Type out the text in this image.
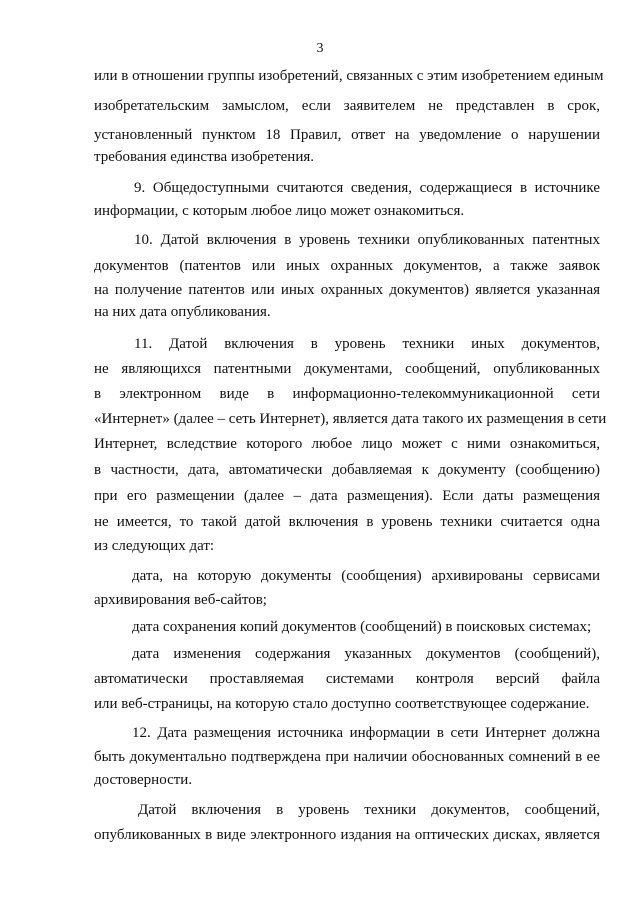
3
или в отношении группы изобретений, связанных с этим изобретением единым
изобретательским замыслом, если заявителем не представлен в срок,
установленный пунктом 18 Правил, ответ на уведомление о нарушении
требования единства изобретения.
9. Общедоступными считаются сведения, содержащиеся в источнике
информации, с которым любое лицо может ознакомиться.
10. Датой включения в уровень техники опубликованных патентных
документов (патентов или иных охранных документов, а также заявок
на получение патентов или иных охранных документов) является указанная
на них дата опубликования.
11. Датой включения в уровень техники иных документов,
не являющихся патентными документами, сообщений, опубликованных
в электронном виде в информационно-телекоммуникационной сети
«Интернет» (далее – сеть Интернет), является дата такого их размещения в сети
Интернет, вследствие которого любое лицо может с ними ознакомиться,
в частности, дата, автоматически добавляемая к документу (сообщению)
при его размещении (далее – дата размещения). Если даты размещения
не имеется, то такой датой включения в уровень техники считается одна
из следующих дат:
дата, на которую документы (сообщения) архивированы сервисами
архивирования веб-сайтов;
дата сохранения копий документов (сообщений) в поисковых системах;
дата изменения содержания указанных документов (сообщений),
автоматически проставляемая системами контроля версий файла
или веб-страницы, на которую стало доступно соответствующее содержание.
12. Дата размещения источника информации в сети Интернет должна
быть документально подтверждена при наличии обоснованных сомнений в ее
достоверности.
Датой включения в уровень техники документов, сообщений,
опубликованных в виде электронного издания на оптических дисках, является
